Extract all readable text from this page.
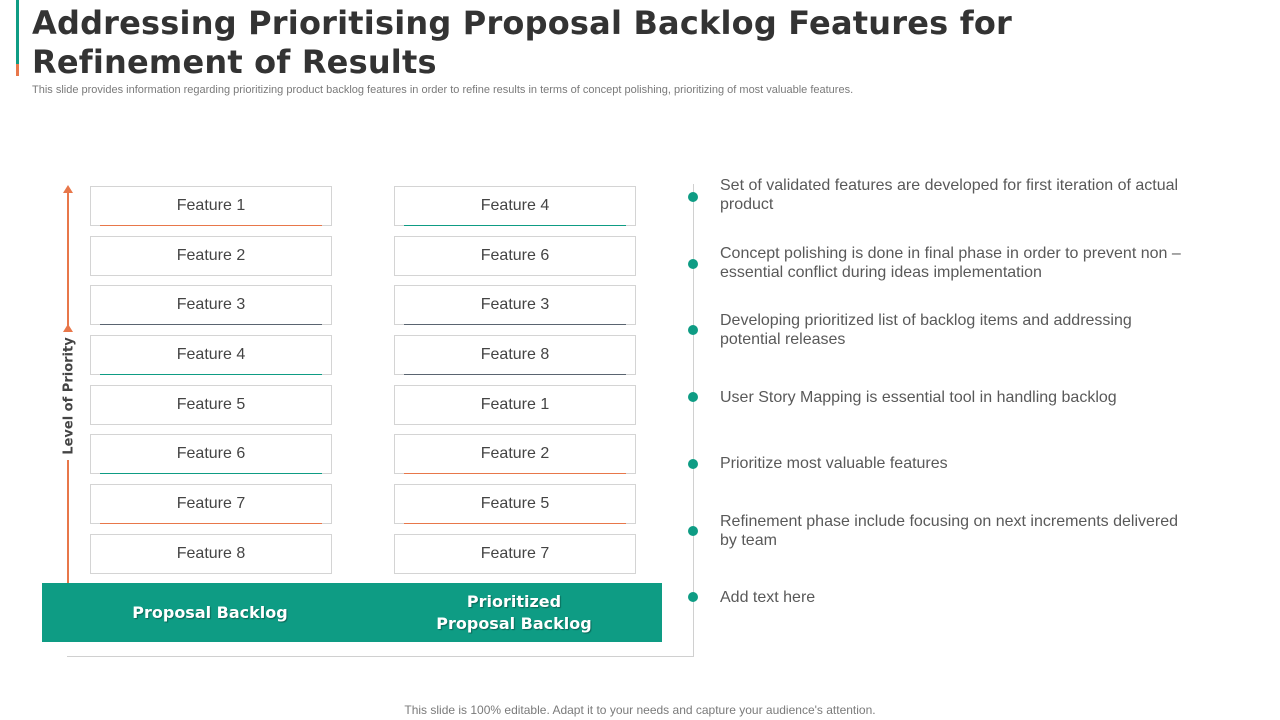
Addressing Prioritising Proposal Backlog Features for Refinement of Results
This slide provides information regarding prioritizing product backlog features in order to refine results in terms of concept polishing, prioritizing of most valuable features.
Level of Priority
Feature 1
Feature 2
Feature 3
Feature 4
Feature 5
Feature 6
Feature 7
Feature 8
Feature 4
Feature 6
Feature 3
Feature 8
Feature 1
Feature 2
Feature 5
Feature 7
Proposal Backlog
Prioritized
Proposal Backlog
Set of validated features are developed for first iteration of actual product
Concept polishing is done in final phase in order to prevent non – essential conflict during ideas implementation
Developing prioritized list of backlog items and addressing potential releases
User Story Mapping is essential tool in handling backlog
Prioritize most valuable features
Refinement phase include focusing on next increments delivered by team
Add text here
This slide is 100% editable. Adapt it to your needs and capture your audience's attention.
